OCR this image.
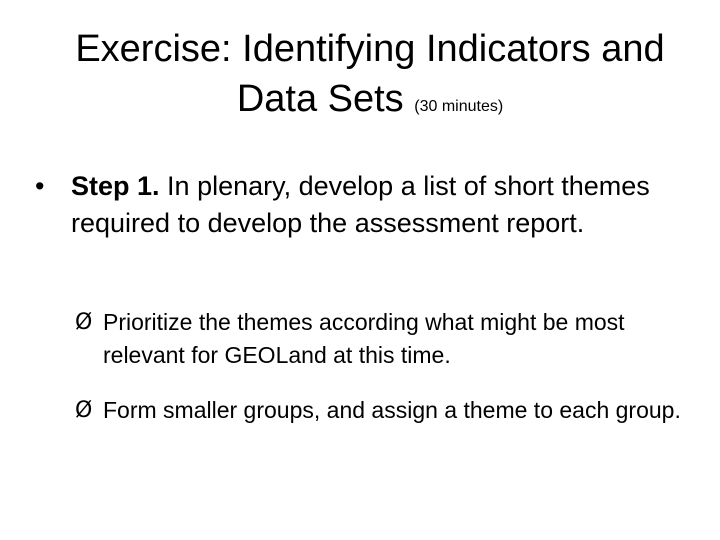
Exercise: Identifying Indicators and Data Sets (30 minutes)
• Step 1. In plenary, develop a list of short themes required to develop the assessment report.
Ø Prioritize the themes according what might be most relevant for GEOLand at this time.
Ø Form smaller groups, and assign a theme to each group.
